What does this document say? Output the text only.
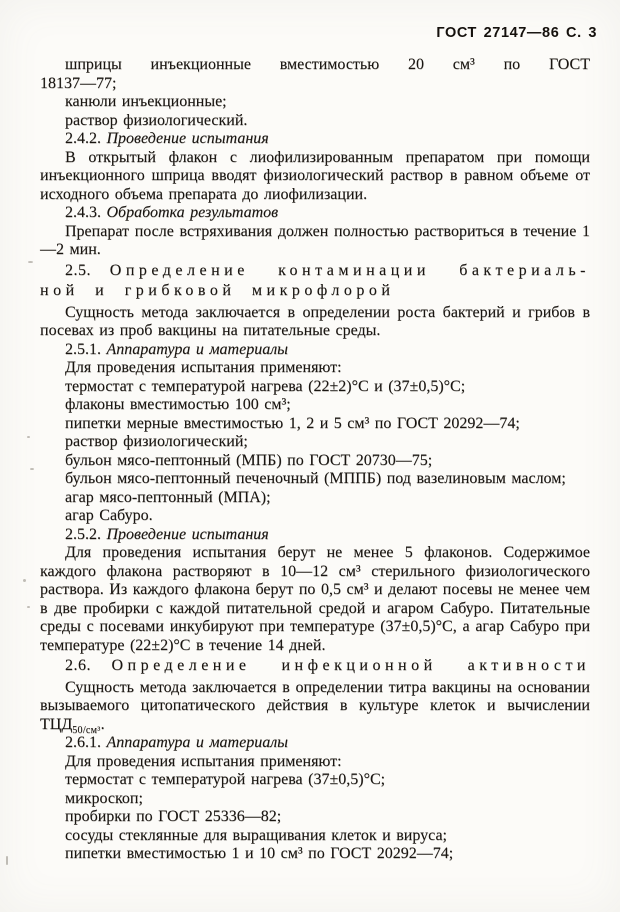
ГОСТ 27147—86 С. 3

шприцы инъекционные вместимостью 20 см³ по ГОСТ
18137—77;

канюли инъекционные;

раствор физиологический.

2.4.2. Проведение испытания

В открытый флакон с лиофилизированным препаратом при помощи инъекционного шприца вводят физиологический раствор в равном объеме от исходного объема препарата до лиофилизации.

2.4.3. Обработка результатов

Препарат после встряхивания должен полностью раствориться в течение 1—2 мин.

2.5. Определение контаминации бактериаль-
ной и грибковой микрофлорой

Сущность метода заключается в определении роста бактерий и грибов в посевах из проб вакцины на питательные среды.

2.5.1. Аппаратура и материалы

Для проведения испытания применяют:

термостат с температурой нагрева (22±2)°С и (37±0,5)°С;

флаконы вместимостью 100 см³;

пипетки мерные вместимостью 1, 2 и 5 см³ по ГОСТ 20292—74;

раствор физиологический;

бульон мясо-пептонный (МПБ) по ГОСТ 20730—75;

бульон мясо-пептонный печеночный (МППБ) под вазелиновым маслом;

агар мясо-пептонный (МПА);

агар Сабуро.

2.5.2. Проведение испытания

Для проведения испытания берут не менее 5 флаконов. Содержимое каждого флакона растворяют в 10—12 см³ стерильного физиологического раствора. Из каждого флакона берут по 0,5 см³ и делают посевы не менее чем в две пробирки с каждой питательной средой и агаром Сабуро. Питательные среды с посевами инкубируют при температуре (37±0,5)°С, а агар Сабуро при температуре (22±2)°С в течение 14 дней.

2.6. Определение инфекционной активности

Сущность метода заключается в определении титра вакцины на основании вызываемого цитопатического действия в культуре клеток и вычислении $ТЦД_{50/см^3}$.

2.6.1. Аппаратура и материалы

Для проведения испытания применяют:

термостат с температурой нагрева (37±0,5)°С;

микроскоп;

пробирки по ГОСТ 25336—82;

сосуды стеклянные для выращивания клеток и вируса;

пипетки вместимостью 1 и 10 см³ по ГОСТ 20292—74;
